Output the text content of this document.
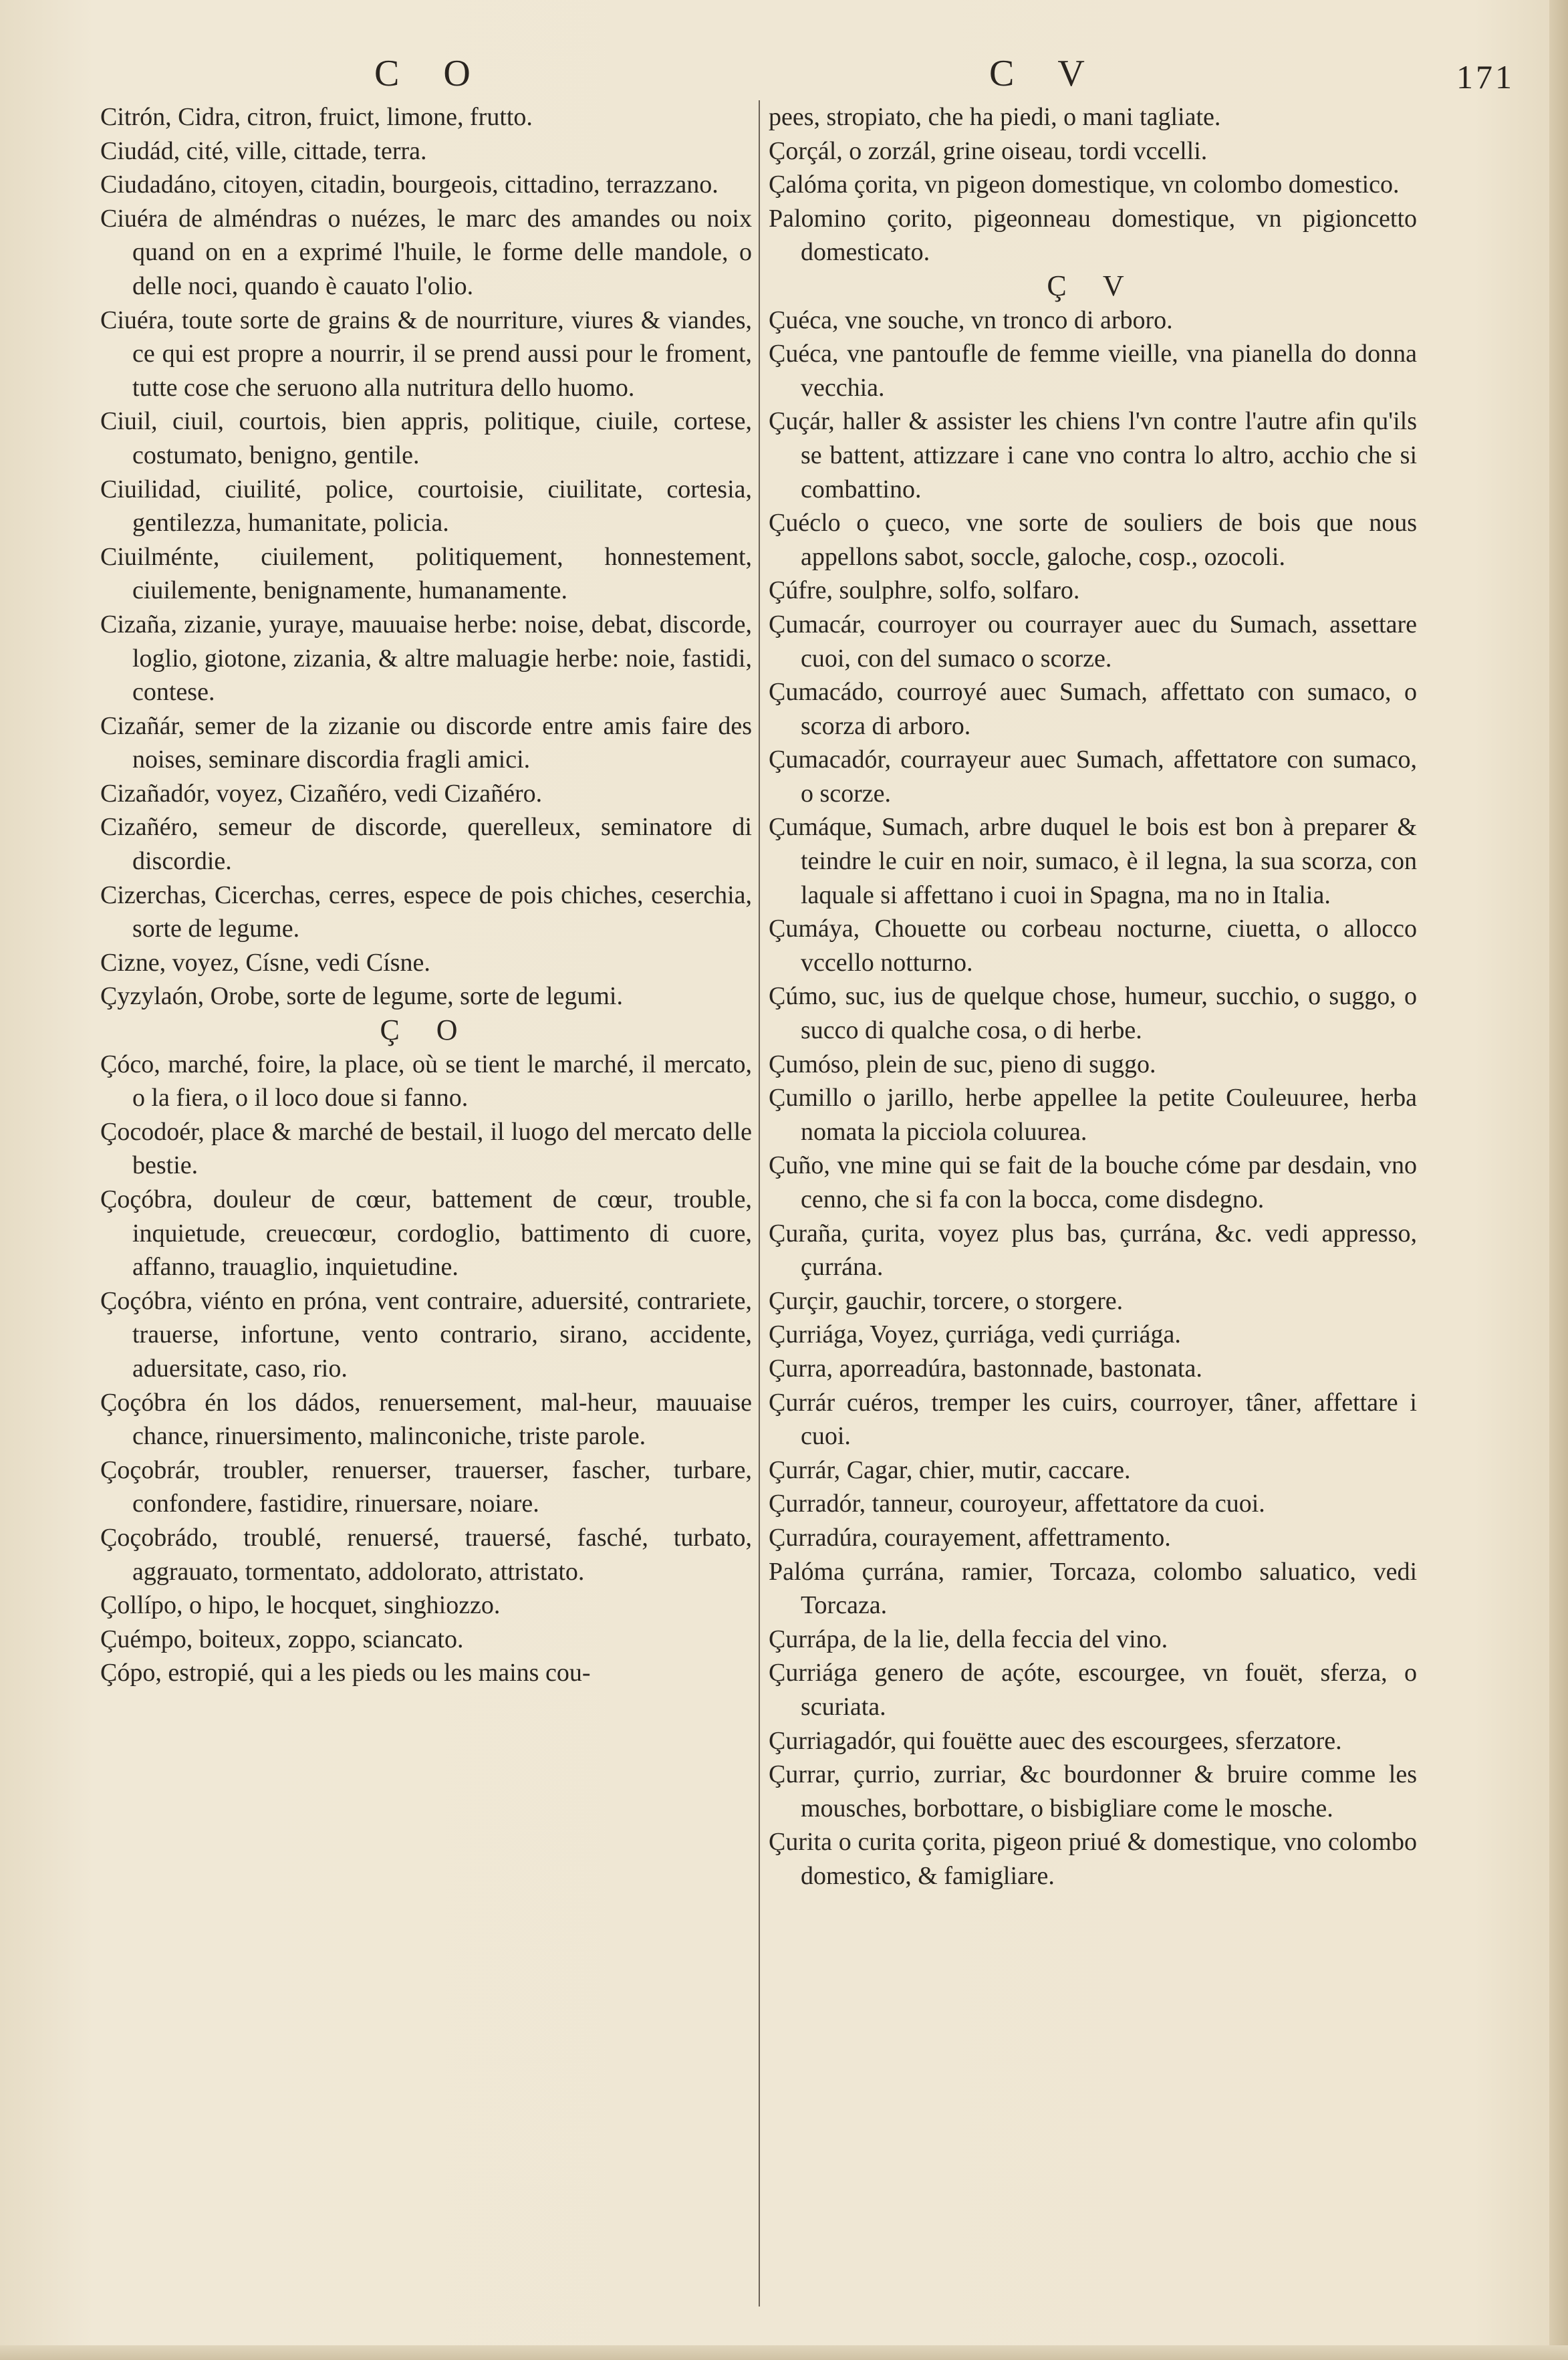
C O	C V	171

Citrón, Cidra, citron, fruict, limone, frutto.

Ciudád, cité, ville, cittade, terra.

Ciudadáno, citoyen, citadin, bourgeois, cittadino, terrazzano.

Ciuéra de alméndras o nuézes, le marc des amandes ou noix quand on en a exprimé l'huile, le forme delle mandole, o delle noci, quando è cauato l'olio.

Ciuéra, toute sorte de grains & de nourriture, viures & viandes, ce qui est propre a nourrir, il se prend aussi pour le froment, tutte cose che seruono alla nutritura dello huomo.

Ciuil, ciuil, courtois, bien appris, politique, ciuile, cortese, costumato, benigno, gentile.

Ciuilidad, ciuilité, police, courtoisie, ciuilitate, cortesia, gentilezza, humanitate, policia.

Ciuilménte, ciuilement, politiquement, honnestement, ciuilemente, benignamente, humanamente.

Cizaña, zizanie, yuraye, mauuaise herbe: noise, debat, discorde, loglio, giotone, zizania, & altre maluagie herbe: noie, fastidi, contese.

Cizañár, semer de la zizanie ou discorde entre amis faire des noises, seminare discordia fragli amici.

Cizañadór, voyez, Cizañéro, vedi Cizañéro.

Cizañéro, semeur de discorde, querelleux, seminatore di discordie.

Cizerchas, Cicerchas, cerres, espece de pois chiches, ceserchia, sorte de legume.

Cizne, voyez, Císne, vedi Císne.

Çyzylaón, Orobe, sorte de legume, sorte de legumi.

Ç O

Çóco, marché, foire, la place, où se tient le marché, il mercato, o la fiera, o il loco doue si fanno.

Çocodoér, place & marché de bestail, il luogo del mercato delle bestie.

Çoçóbra, douleur de cœur, battement de cœur, trouble, inquietude, creuecœur, cordoglio, battimento di cuore, affanno, trauaglio, inquietudine.

Çoçóbra, viénto en próna, vent contraire, aduersité, contrariete, trauerse, infortune, vento contrario, sirano, accidente, aduersitate, caso, rio.

Çoçóbra én los dádos, renuersement, mal-heur, mauuaise chance, rinuersimento, malinconiche, triste parole.

Çoçobrár, troubler, renuerser, trauerser, fascher, turbare, confondere, fastidire, rinuersare, noiare.

Çoçobrádo, troublé, renuersé, trauersé, fasché, turbato, aggrauato, tormentato, addolorato, attristato.

Çollípo, o hipo, le hocquet, singhiozzo.

Çuémpo, boiteux, zoppo, sciancato.

Çópo, estropié, qui a les pieds ou les mains cou-

pees, stropiato, che ha piedi, o mani tagliate.

Çorçál, o zorzál, grine oiseau, tordi vccelli.

Çalóma çorita, vn pigeon domestique, vn colombo domestico.

Palomino çorito, pigeonneau domestique, vn pigioncetto domesticato.

Ç V

Çuéca, vne souche, vn tronco di arboro.

Çuéca, vne pantoufle de femme vieille, vna pianella do donna vecchia.

Çuçár, haller & assister les chiens l'vn contre l'autre afin qu'ils se battent, attizzare i cane vno contra lo altro, acchio che si combattino.

Çuéclo o çueco, vne sorte de souliers de bois que nous appellons sabot, soccle, galoche, cosp., ozocoli.

Çúfre, soulphre, solfo, solfaro.

Çumacár, courroyer ou courrayer auec du Sumach, assettare cuoi, con del sumaco o scorze.

Çumacádo, courroyé auec Sumach, affettato con sumaco, o scorza di arboro.

Çumacadór, courrayeur auec Sumach, affettatore con sumaco, o scorze.

Çumáque, Sumach, arbre duquel le bois est bon à preparer & teindre le cuir en noir, sumaco, è il legna, la sua scorza, con laquale si affettano i cuoi in Spagna, ma no in Italia.

Çumáya, Chouette ou corbeau nocturne, ciuetta, o allocco vccello notturno.

Çúmo, suc, ius de quelque chose, humeur, succhio, o suggo, o succo di qualche cosa, o di herbe.

Çumóso, plein de suc, pieno di suggo.

Çumillo o jarillo, herbe appellee la petite Couleuuree, herba nomata la picciola coluurea.

Çuño, vne mine qui se fait de la bouche cóme par desdain, vno cenno, che si fa con la bocca, come disdegno.

Çuraña, çurita, voyez plus bas, çurrána, &c. vedi appresso, çurrána.

Çurçir, gauchir, torcere, o storgere.

Çurriága, Voyez, çurriága, vedi çurriága.

Çurra, aporreadúra, bastonnade, bastonata.

Çurrár cuéros, tremper les cuirs, courroyer, tâner, affettare i cuoi.

Çurrár, Cagar, chier, mutir, caccare.

Çurradór, tanneur, couroyeur, affettatore da cuoi.

Çurradúra, courayement, affettramento.

Palóma çurrána, ramier, Torcaza, colombo saluatico, vedi Torcaza.

Çurrápa, de la lie, della feccia del vino.

Çurriága genero de açóte, escourgee, vn fouët, sferza, o scuriata.

Çurriagadór, qui fouëtte auec des escourgees, sferzatore.

Çurrar, çurrio, zurriar, &c bourdonner & bruire comme les mousches, borbottare, o bisbigliare come le mosche.

Çurita o curita çorita, pigeon priué & domestique, vno colombo domestico, & famigliare.
